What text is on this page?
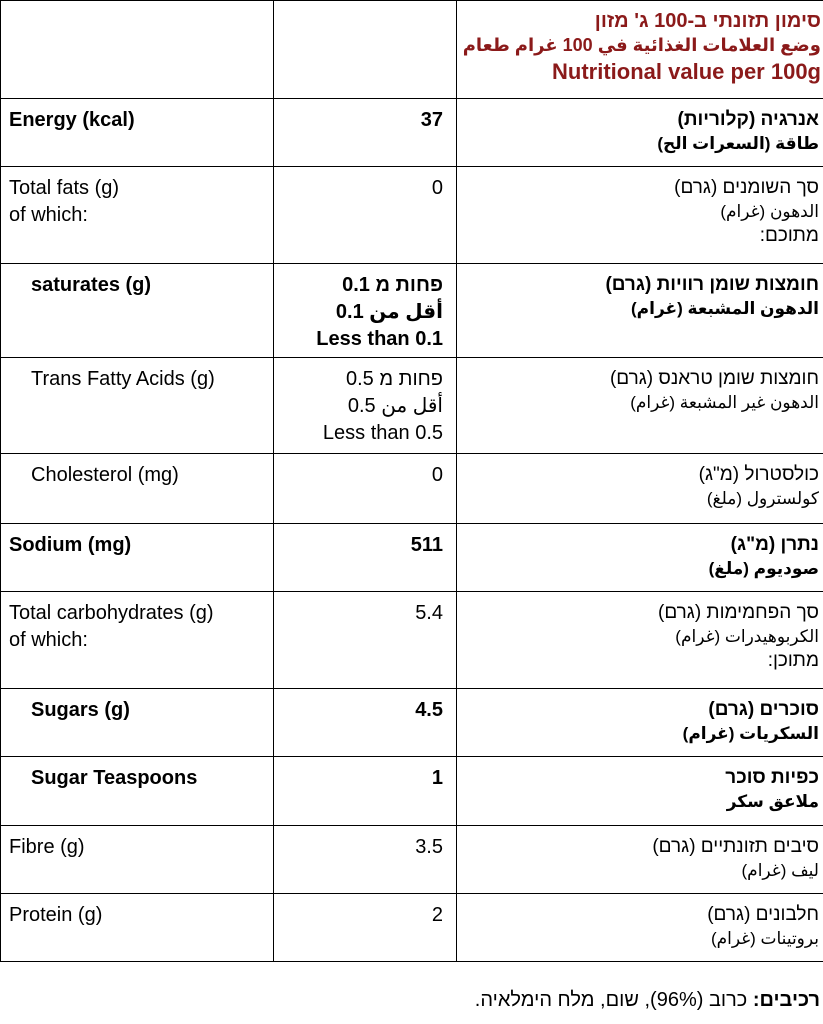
		סימון תזונתי ב-100 ג' מזון
وضع العلامات الغذائية في 100 غرام طعام
Nutritional value per 100g

Energy (kcal)	37	אנרגיה (קלוריות)
طاقة (السعرات الح)

Total fats (g)
of which:	0	סך השומנים (גרם)
الدهون (غرام)
מתוכם:

saturates (g)	פחות מ 0.1
أقل من 0.1
Less than 0.1	חומצות שומן רוויות (גרם)
الدهون المشبعة (غرام)

Trans Fatty Acids (g)	פחות מ 0.5
أقل من 0.5
Less than 0.5	חומצות שומן טראנס (גרם)
الدهون غير المشبعة (غرام)

Cholesterol (mg)	0	כולסטרול (מ"ג)
كولسترول (ملغ)

Sodium (mg)	511	נתרן (מ"ג)
صوديوم (ملغ)

Total carbohydrates (g)
of which:	5.4	סך הפחמימות (גרם)
الكربوهيدرات (غرام)
מתוכן:

Sugars (g)	4.5	סוכרים (גרם)
السكريات (غرام)

Sugar Teaspoons	1	כפיות סוכר
ملاعق سكر

Fibre (g)	3.5	סיבים תזונתיים (גרם)
ليف (غرام)

Protein (g)	2	חלבונים (גרם)
بروتينات (غرام)
רכיבים: כרוב (96%), שום, מלח הימלאיה.
